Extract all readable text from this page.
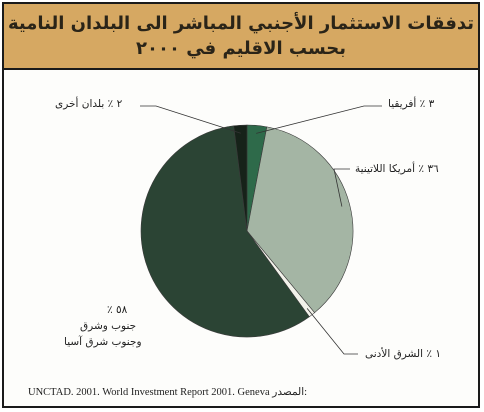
تدفقات الاستثمار الأجنبي المباشر الى البلدان النامية
بحسب الاقليم في ٢٠٠٠
٣ ٪ أفريقيا
٣٦ ٪ أمريكا اللاتينية
١ ٪ الشرق الأدنى
٢ ٪ بلدان أخرى
٥٨ ٪
جنوب وشرق
وجنوب شرق آسيا
UNCTAD. 2001. World Investment Report 2001. Geneva المصدر:
